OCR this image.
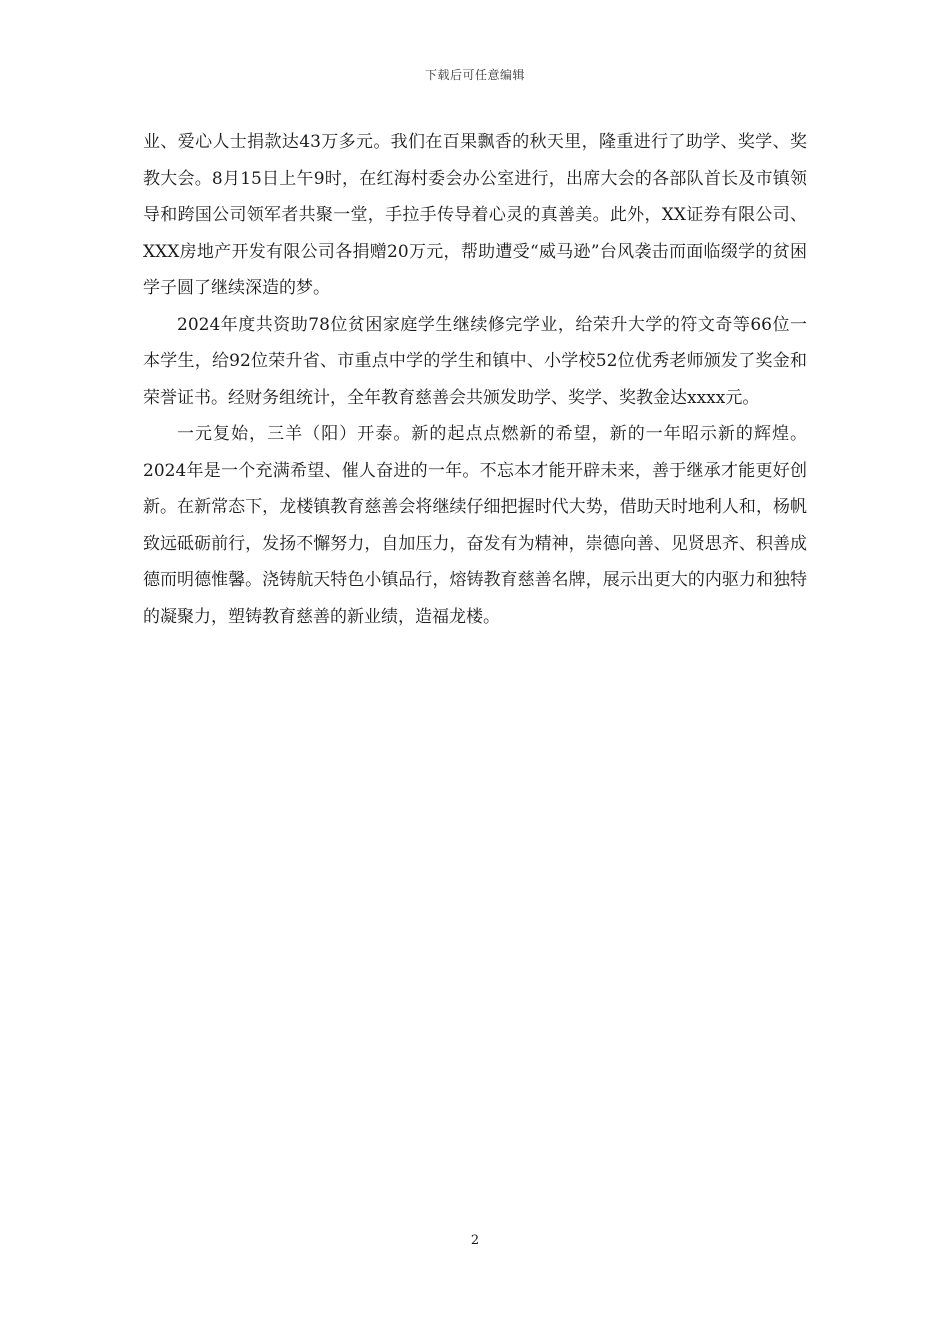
下载后可任意编辑

业、爱心人士捐款达43万多元。我们在百果飘香的秋天里，隆重进行了助学、奖学、奖教大会。8月15日上午9时，在红海村委会办公室进行，出席大会的各部队首长及市镇领导和跨国公司领军者共聚一堂，手拉手传导着心灵的真善美。此外，XX证券有限公司、XXX房地产开发有限公司各捐赠20万元，帮助遭受“威马逊”台风袭击而面临缀学的贫困学子圆了继续深造的梦。

2024年度共资助78位贫困家庭学生继续修完学业，给荣升大学的符文奇等66位一本学生，给92位荣升省、市重点中学的学生和镇中、小学校52位优秀老师颁发了奖金和荣誉证书。经财务组统计，全年教育慈善会共颁发助学、奖学、奖教金达xxxx元。

一元复始，三羊（阳）开泰。新的起点点燃新的希望，新的一年昭示新的辉煌。2024年是一个充满希望、催人奋进的一年。不忘本才能开辟未来，善于继承才能更好创新。在新常态下，龙楼镇教育慈善会将继续仔细把握时代大势，借助天时地利人和，杨帆致远砥砺前行，发扬不懈努力，自加压力，奋发有为精神，崇德向善、见贤思齐、积善成德而明德惟馨。浇铸航天特色小镇品行，熔铸教育慈善名牌，展示出更大的内驱力和独特的凝聚力，塑铸教育慈善的新业绩，造福龙楼。

2
